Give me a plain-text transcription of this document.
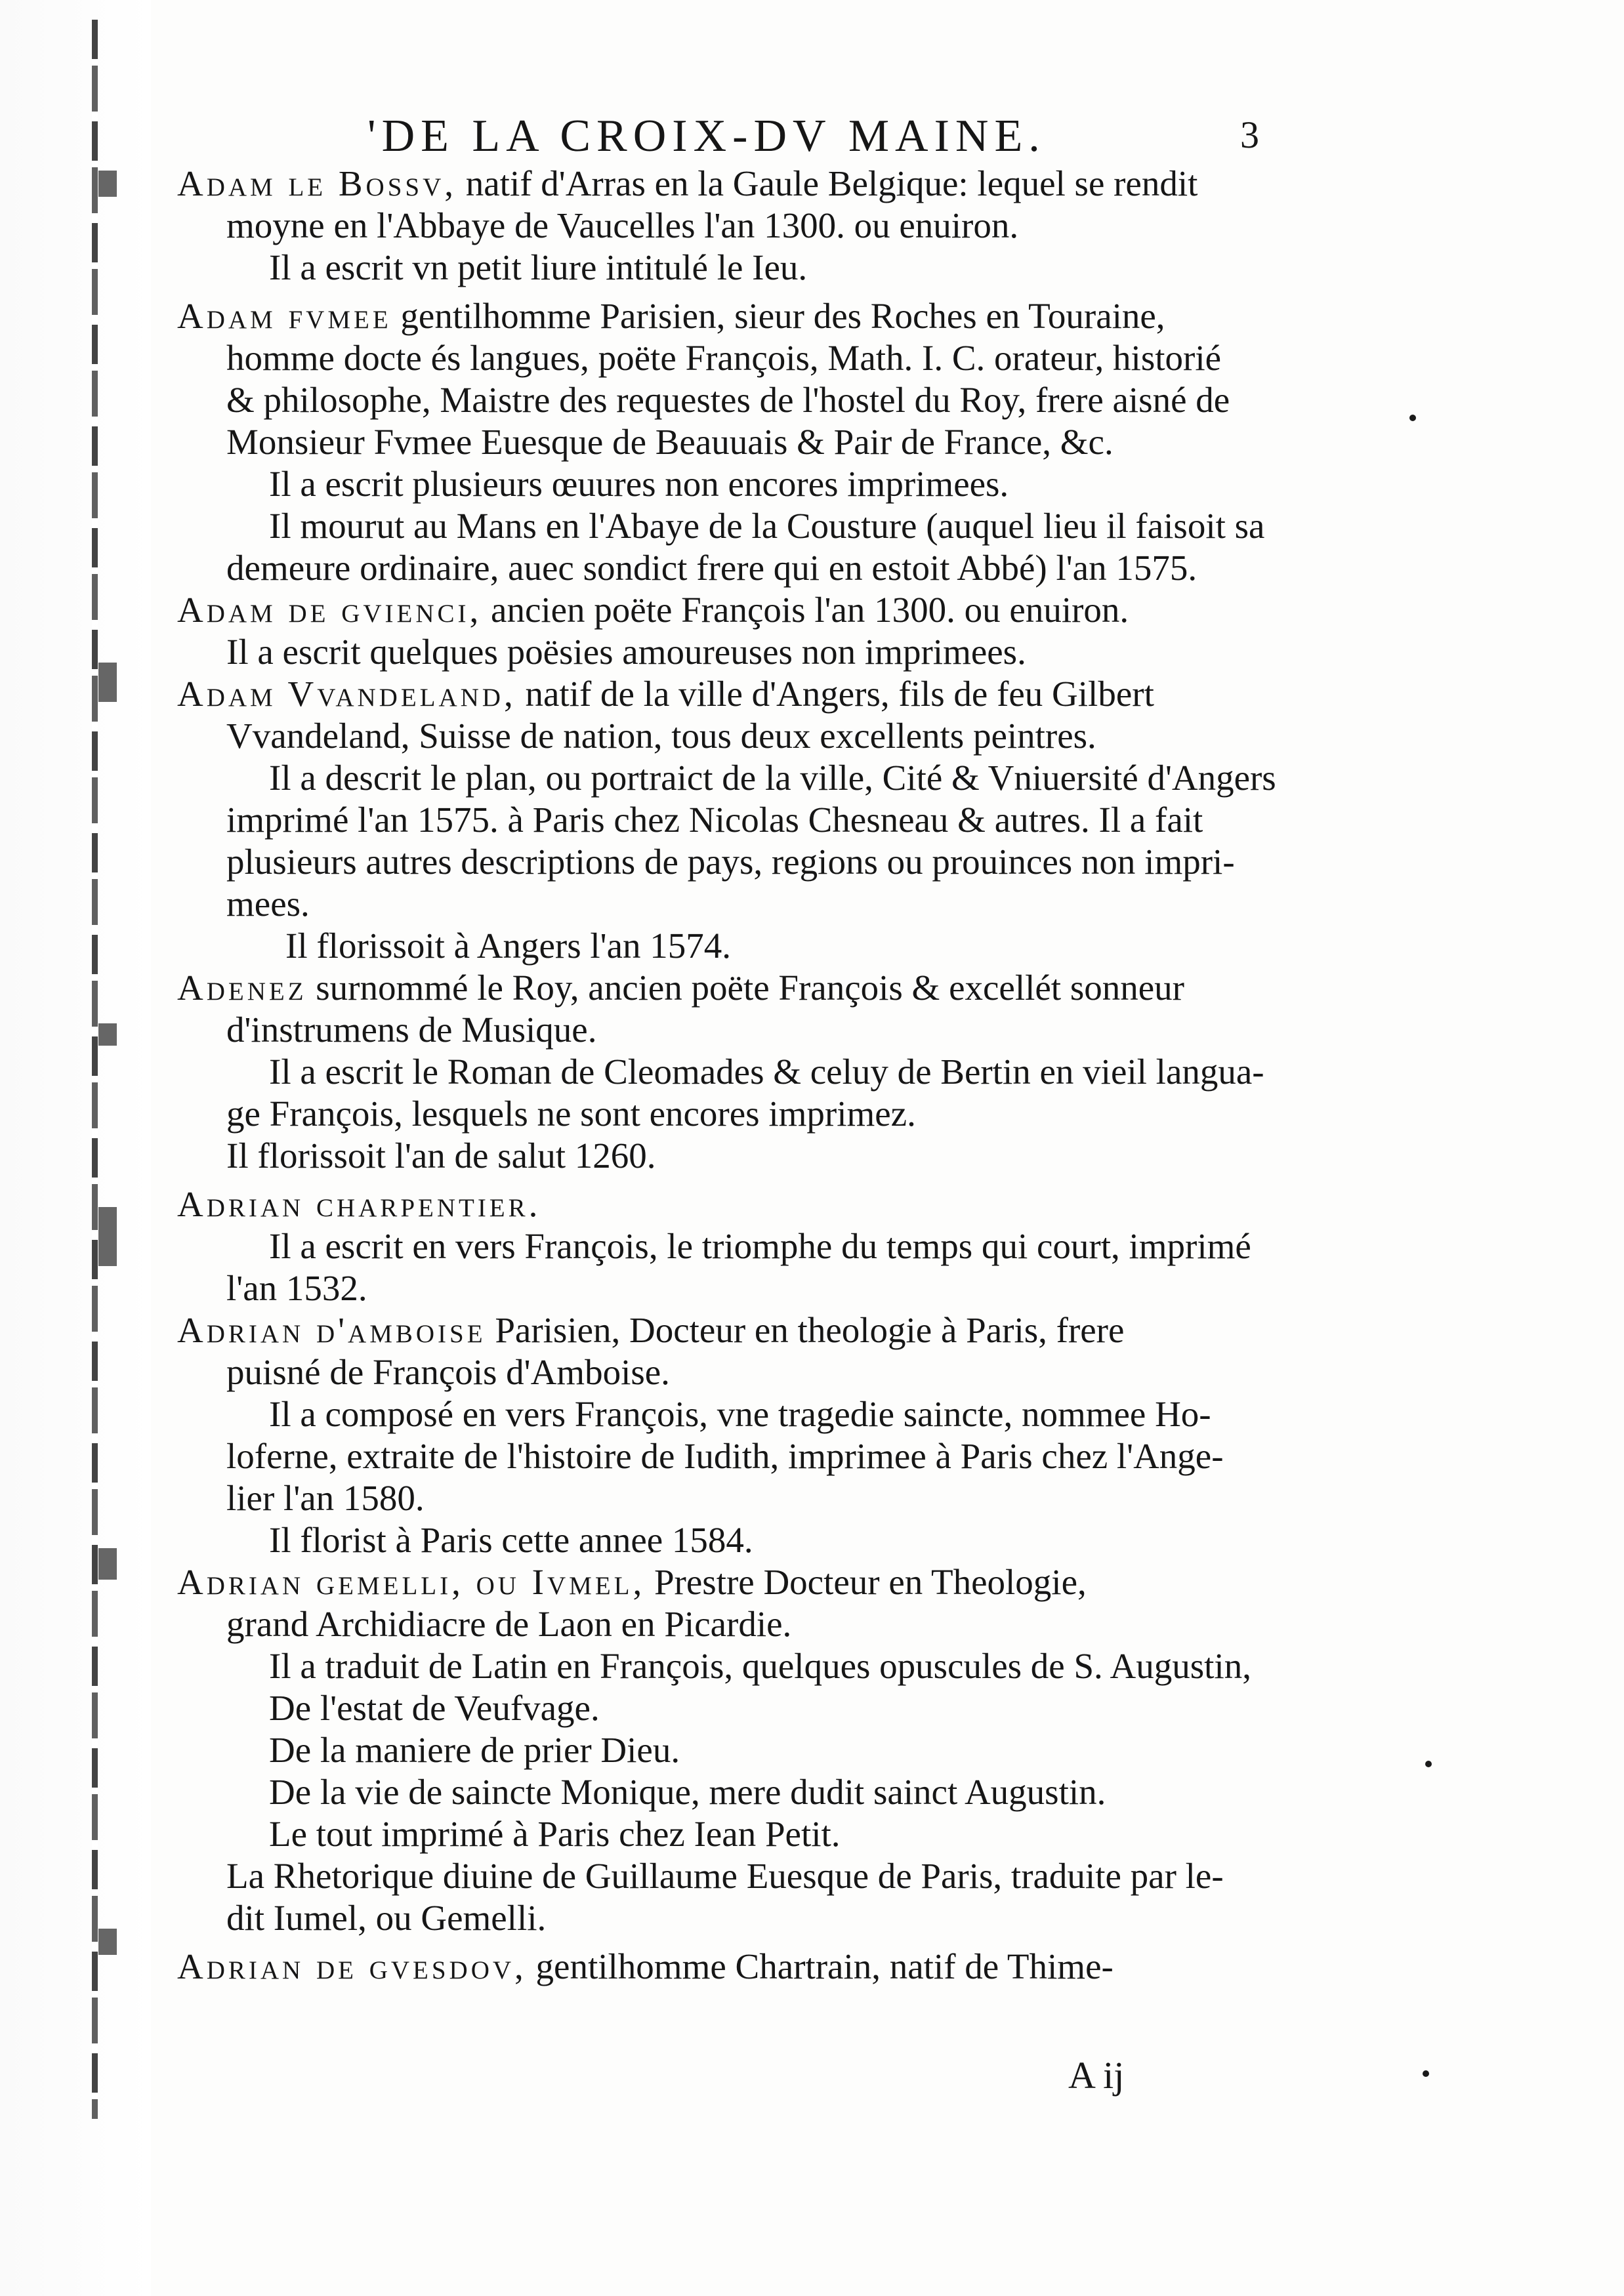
'DE LA CROIX-DV MAINE.	3
Adam le Bossv, natif d'Arras en la Gaule Belgique: lequel se rendit
moyne en l'Abbaye de Vaucelles l'an 1300. ou enuiron.
Il a escrit vn petit liure intitulé le Ieu.
Adam fvmee gentilhomme Parisien, sieur des Roches en Touraine,
homme docte és langues, poëte François, Math. I. C. orateur, historié
& philosophe, Maistre des requestes de l'hostel du Roy, frere aisné de
Monsieur Fvmee Euesque de Beauuais & Pair de France, &c.
Il a escrit plusieurs œuures non encores imprimees.
Il mourut au Mans en l'Abaye de la Cousture (auquel lieu il faisoit sa
demeure ordinaire, auec sondict frere qui en estoit Abbé) l'an 1575.
Adam de gvienci, ancien poëte François l'an 1300. ou enuiron.
Il a escrit quelques poësies amoureuses non imprimees.
Adam Vvandeland, natif de la ville d'Angers, fils de feu Gilbert
Vvandeland, Suisse de nation, tous deux excellents peintres.
Il a descrit le plan, ou portraict de la ville, Cité & Vniuersité d'Angers
imprimé l'an 1575. à Paris chez Nicolas Chesneau & autres. Il a fait
plusieurs autres descriptions de pays, regions ou prouinces non impri-
mees.
Il florissoit à Angers l'an 1574.
Adenez surnommé le Roy, ancien poëte François & excellét sonneur
d'instrumens de Musique.
Il a escrit le Roman de Cleomades & celuy de Bertin en vieil langua-
ge François, lesquels ne sont encores imprimez.
Il florissoit l'an de salut 1260.
Adrian charpentier.
Il a escrit en vers François, le triomphe du temps qui court, imprimé
l'an 1532.
Adrian d'amboise Parisien, Docteur en theologie à Paris, frere
puisné de François d'Amboise.
Il a composé en vers François, vne tragedie saincte, nommee Ho-
loferne, extraite de l'histoire de Iudith, imprimee à Paris chez l'Ange-
lier l'an 1580.
Il florist à Paris cette annee 1584.
Adrian gemelli, ou Ivmel, Prestre Docteur en Theologie,
grand Archidiacre de Laon en Picardie.
Il a traduit de Latin en François, quelques opuscules de S. Augustin,
De l'estat de Veufvage.
De la maniere de prier Dieu.
De la vie de saincte Monique, mere dudit sainct Augustin.
Le tout imprimé à Paris chez Iean Petit.
La Rhetorique diuine de Guillaume Euesque de Paris, traduite par le-
dit Iumel, ou Gemelli.
Adrian de gvesdov, gentilhomme Chartrain, natif de Thime-
A ij
